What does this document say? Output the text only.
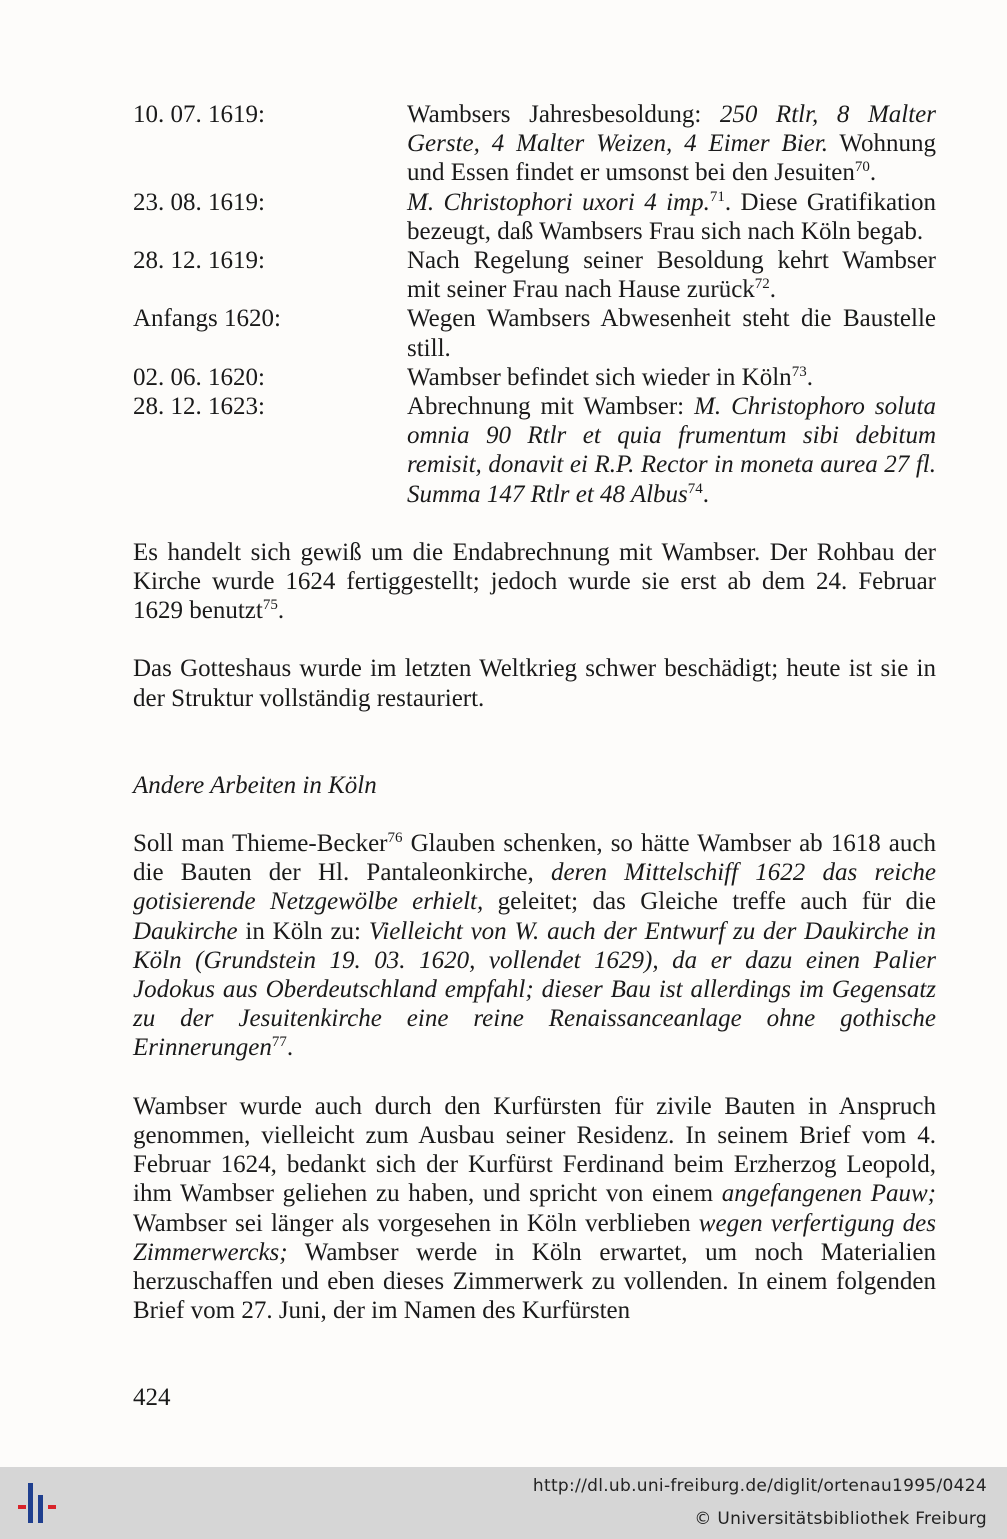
10. 07. 1619:	Wambsers Jahresbesoldung: 250 Rtlr, 8 Malter Gerste, 4 Malter Weizen, 4 Eimer Bier. Wohnung und Essen findet er umsonst bei den Jesuiten$^{70}$.
23. 08. 1619:	M. Christophori uxori 4 imp.$^{71}$. Diese Gratifikation bezeugt, daß Wambsers Frau sich nach Köln begab.
28. 12. 1619:	Nach Regelung seiner Besoldung kehrt Wambser mit seiner Frau nach Hause zurück$^{72}$.
Anfangs 1620:	Wegen Wambsers Abwesenheit steht die Baustelle still.
02. 06. 1620:	Wambser befindet sich wieder in Köln$^{73}$.
28. 12. 1623:	Abrechnung mit Wambser: M. Christophoro soluta omnia 90 Rtlr et quia frumentum sibi debitum remisit, donavit ei R.P. Rector in moneta aurea 27 fl. Summa 147 Rtlr et 48 Albus$^{74}$.

Es handelt sich gewiß um die Endabrechnung mit Wambser. Der Rohbau der Kirche wurde 1624 fertiggestellt; jedoch wurde sie erst ab dem 24. Februar 1629 benutzt$^{75}$.

Das Gotteshaus wurde im letzten Weltkrieg schwer beschädigt; heute ist sie in der Struktur vollständig restauriert.

Andere Arbeiten in Köln

Soll man Thieme-Becker$^{76}$ Glauben schenken, so hätte Wambser ab 1618 auch die Bauten der Hl. Pantaleonkirche, deren Mittelschiff 1622 das reiche gotisierende Netzgewölbe erhielt, geleitet; das Gleiche treffe auch für die Daukirche in Köln zu: Vielleicht von W. auch der Entwurf zu der Daukirche in Köln (Grundstein 19. 03. 1620, vollendet 1629), da er dazu einen Palier Jodokus aus Oberdeutschland empfahl; dieser Bau ist allerdings im Gegensatz zu der Jesuitenkirche eine reine Renaissanceanlage ohne gothische Erinnerungen$^{77}$.

Wambser wurde auch durch den Kurfürsten für zivile Bauten in Anspruch genommen, vielleicht zum Ausbau seiner Residenz. In seinem Brief vom 4. Februar 1624, bedankt sich der Kurfürst Ferdinand beim Erzherzog Leopold, ihm Wambser geliehen zu haben, und spricht von einem angefangenen Pauw; Wambser sei länger als vorgesehen in Köln verblieben wegen verfertigung des Zimmerwercks; Wambser werde in Köln erwartet, um noch Materialien herzuschaffen und eben dieses Zimmerwerk zu vollenden. In einem folgenden Brief vom 27. Juni, der im Namen des Kurfürsten

424
http://dl.ub.uni-freiburg.de/diglit/ortenau1995/0424
© Universitätsbibliothek Freiburg
